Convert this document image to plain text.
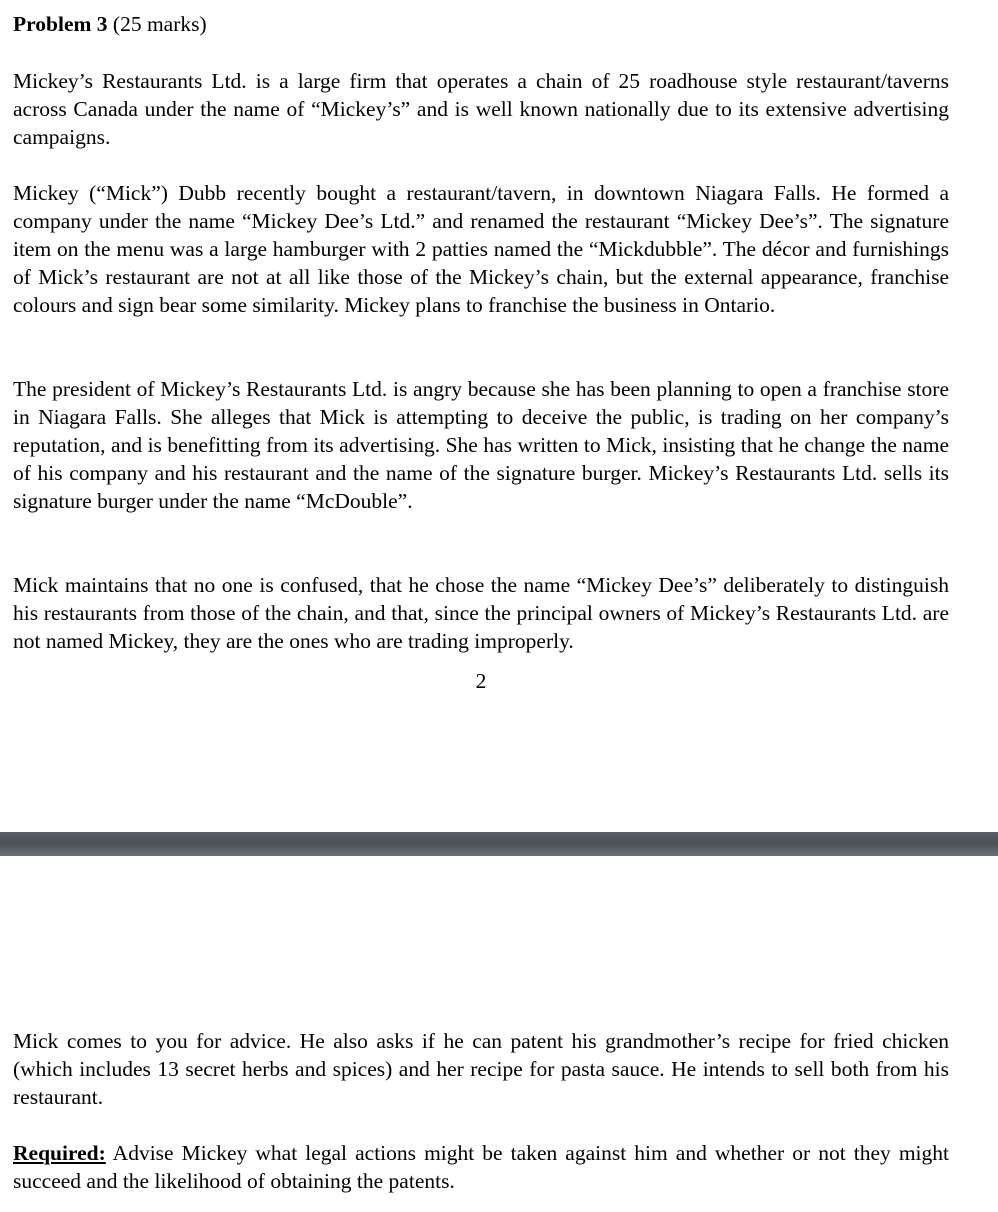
Problem 3 (25 marks)

Mickey’s Restaurants Ltd. is a large firm that operates a chain of 25 roadhouse style restaurant/taverns across Canada under the name of “Mickey’s” and is well known nationally due to its extensive advertising campaigns.

Mickey (“Mick”) Dubb recently bought a restaurant/tavern, in downtown Niagara Falls. He formed a company under the name “Mickey Dee’s Ltd.” and renamed the restaurant “Mickey Dee’s”. The signature item on the menu was a large hamburger with 2 patties named the “Mickdubble”. The décor and furnishings of Mick’s restaurant are not at all like those of the Mickey’s chain, but the external appearance, franchise colours and sign bear some similarity. Mickey plans to franchise the business in Ontario.

The president of Mickey’s Restaurants Ltd. is angry because she has been planning to open a franchise store in Niagara Falls. She alleges that Mick is attempting to deceive the public, is trading on her company’s reputation, and is benefitting from its advertising. She has written to Mick, insisting that he change the name of his company and his restaurant and the name of the signature burger. Mickey’s Restaurants Ltd. sells its signature burger under the name “McDouble”.

Mick maintains that no one is confused, that he chose the name “Mickey Dee’s” deliberately to distinguish his restaurants from those of the chain, and that, since the principal owners of Mickey’s Restaurants Ltd. are not named Mickey, they are the ones who are trading improperly.

2

Mick comes to you for advice. He also asks if he can patent his grandmother’s recipe for fried chicken (which includes 13 secret herbs and spices) and her recipe for pasta sauce. He intends to sell both from his restaurant.

Required: Advise Mickey what legal actions might be taken against him and whether or not they might succeed and the likelihood of obtaining the patents.
